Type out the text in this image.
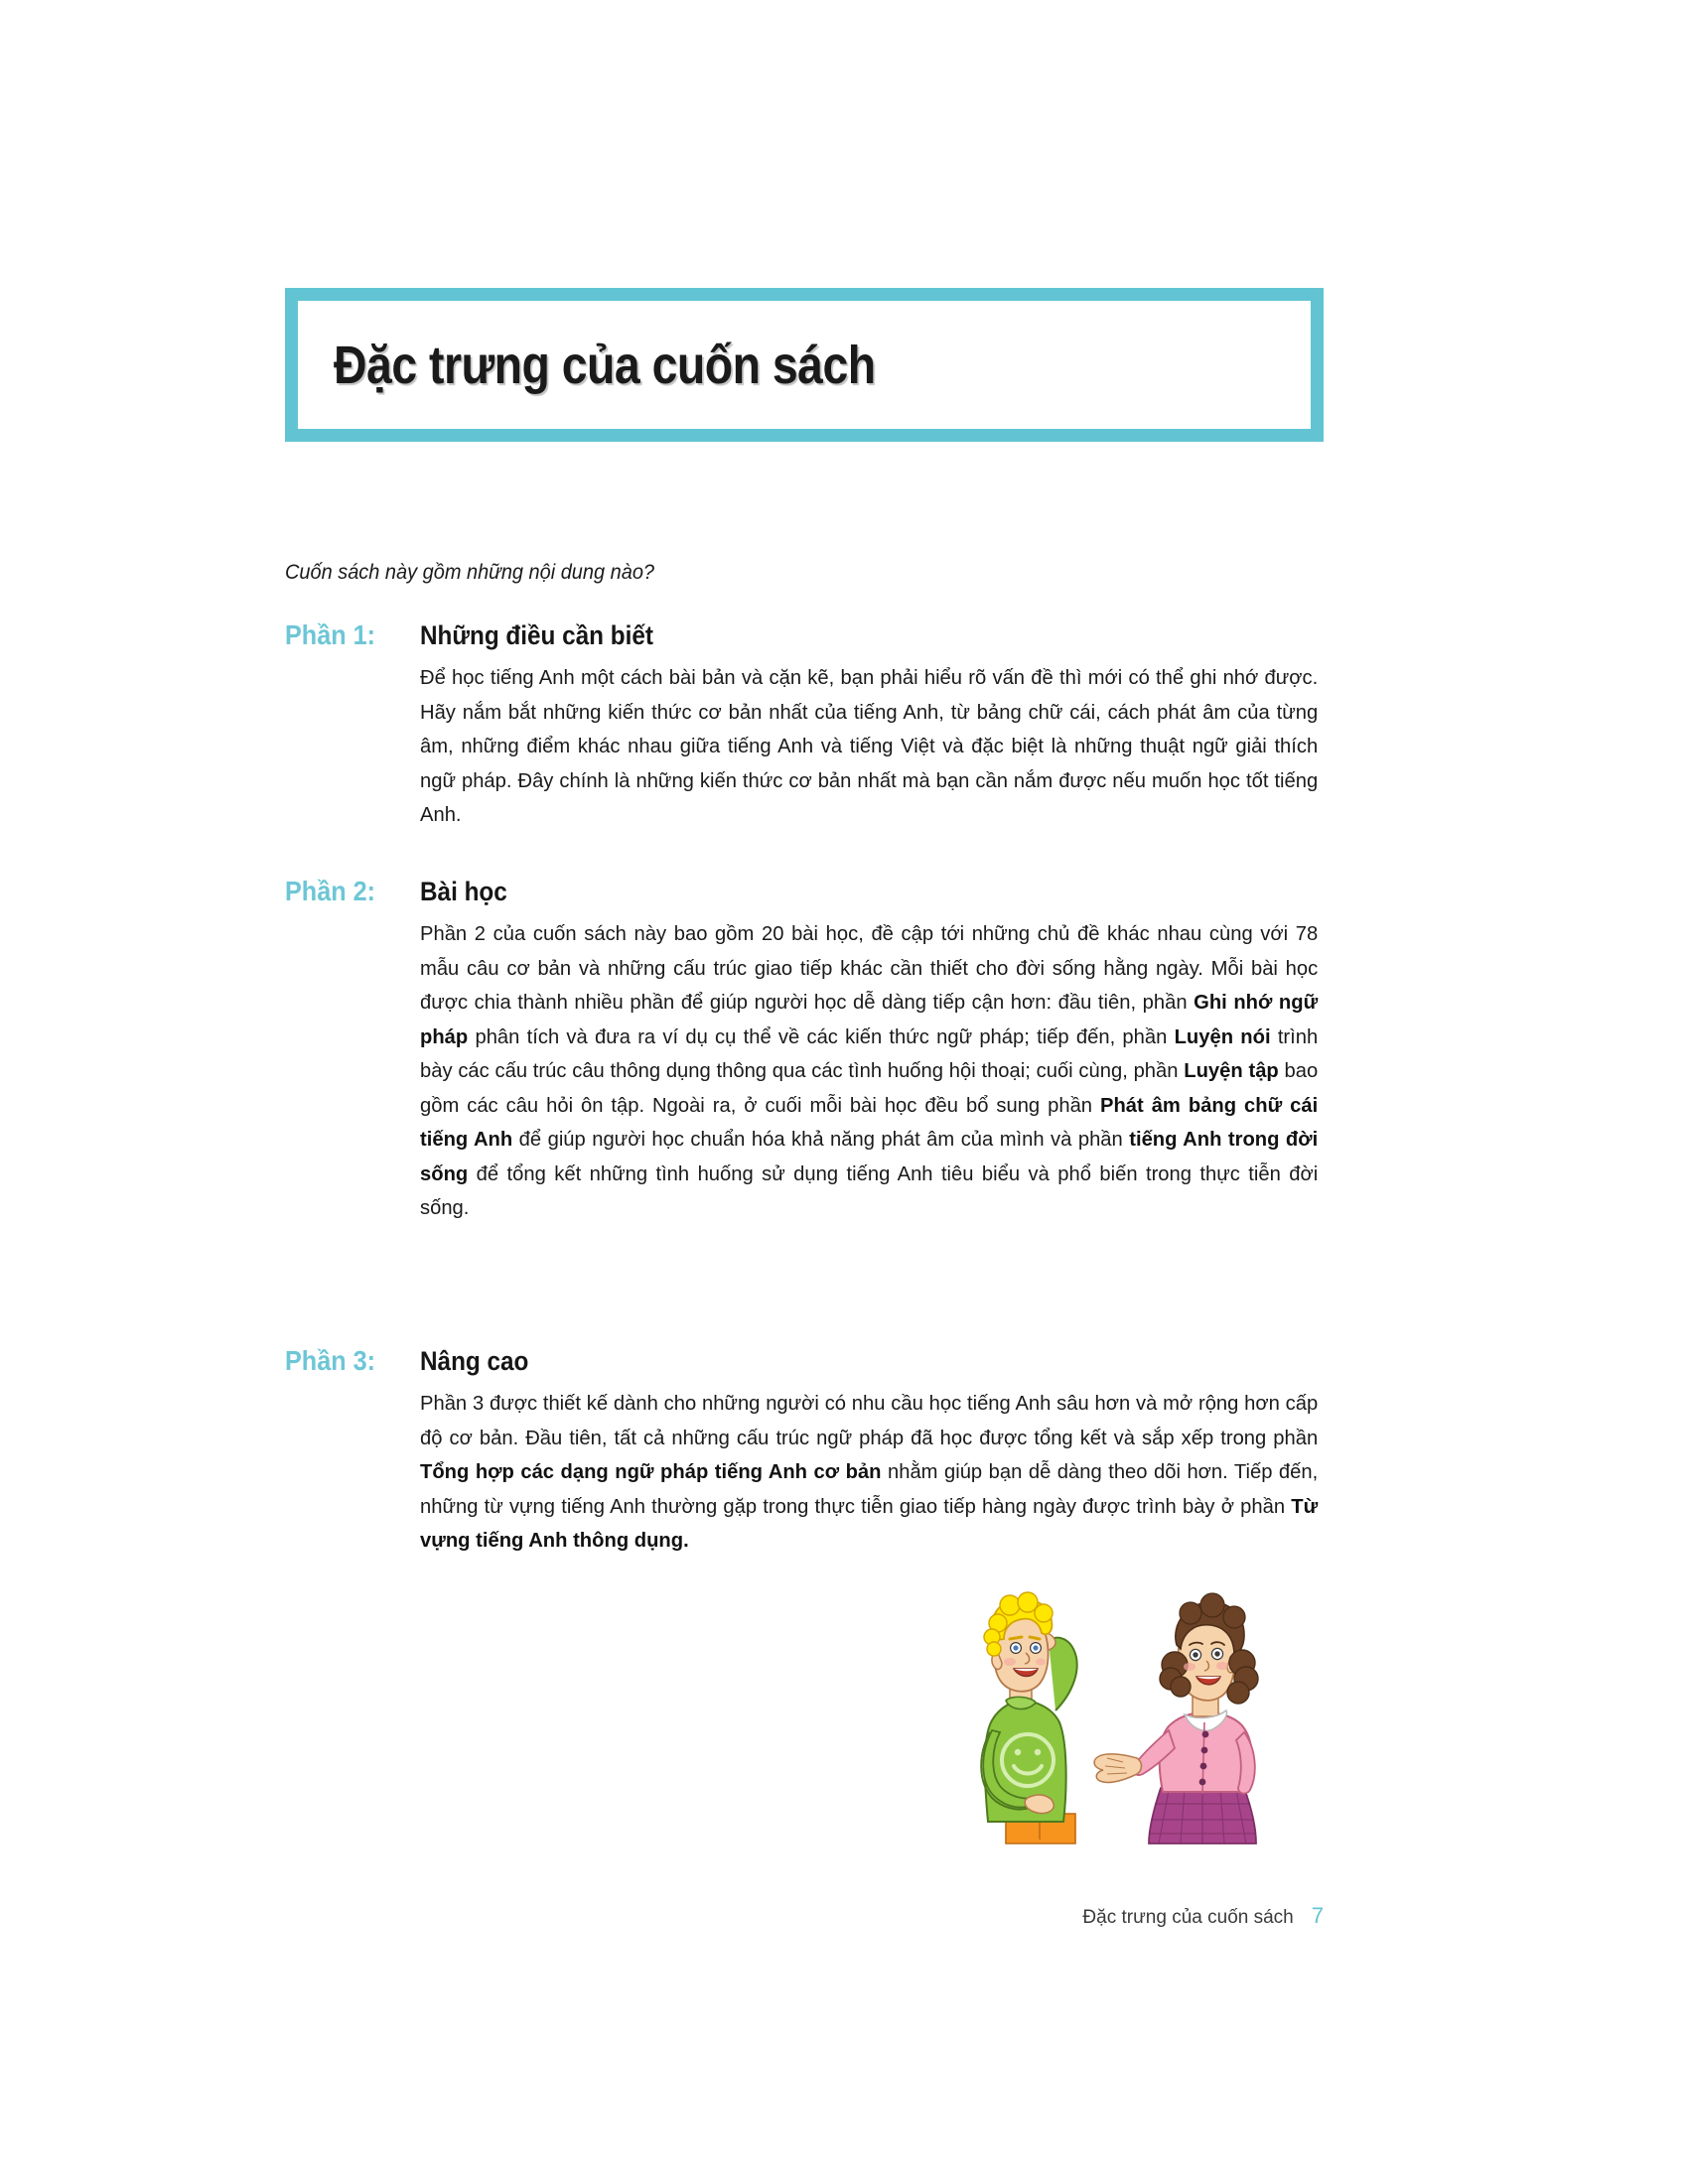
Đặc trưng của cuốn sách
Cuốn sách này gồm những nội dung nào?
Phần 1:	Những điều cần biết
Để học tiếng Anh một cách bài bản và cặn kẽ, bạn phải hiểu rõ vấn đề thì mới có thể ghi nhớ được. Hãy nắm bắt những kiến thức cơ bản nhất của tiếng Anh, từ bảng chữ cái, cách phát âm của từng âm, những điểm khác nhau giữa tiếng Anh và tiếng Việt và đặc biệt là những thuật ngữ giải thích ngữ pháp. Đây chính là những kiến thức cơ bản nhất mà bạn cần nắm được nếu muốn học tốt tiếng Anh.
Phần 2:	Bài học
Phần 2 của cuốn sách này bao gồm 20 bài học, đề cập tới những chủ đề khác nhau cùng với 78 mẫu câu cơ bản và những cấu trúc giao tiếp khác cần thiết cho đời sống hằng ngày. Mỗi bài học được chia thành nhiều phần để giúp người học dễ dàng tiếp cận hơn: đầu tiên, phần Ghi nhớ ngữ pháp phân tích và đưa ra ví dụ cụ thể về các kiến thức ngữ pháp; tiếp đến, phần Luyện nói trình bày các cấu trúc câu thông dụng thông qua các tình huống hội thoại; cuối cùng, phần Luyện tập bao gồm các câu hỏi ôn tập. Ngoài ra, ở cuối mỗi bài học đều bổ sung phần Phát âm bảng chữ cái tiếng Anh để giúp người học chuẩn hóa khả năng phát âm của mình và phần tiếng Anh trong đời sống để tổng kết những tình huống sử dụng tiếng Anh tiêu biểu và phổ biến trong thực tiễn đời sống.
Phần 3:	Nâng cao
Phần 3 được thiết kế dành cho những người có nhu cầu học tiếng Anh sâu hơn và mở rộng hơn cấp độ cơ bản. Đầu tiên, tất cả những cấu trúc ngữ pháp đã học được tổng kết và sắp xếp trong phần Tổng hợp các dạng ngữ pháp tiếng Anh cơ bản nhằm giúp bạn dễ dàng theo dõi hơn. Tiếp đến, những từ vựng tiếng Anh thường gặp trong thực tiễn giao tiếp hàng ngày được trình bày ở phần Từ vựng tiếng Anh thông dụng.
Đặc trưng của cuốn sách 7
